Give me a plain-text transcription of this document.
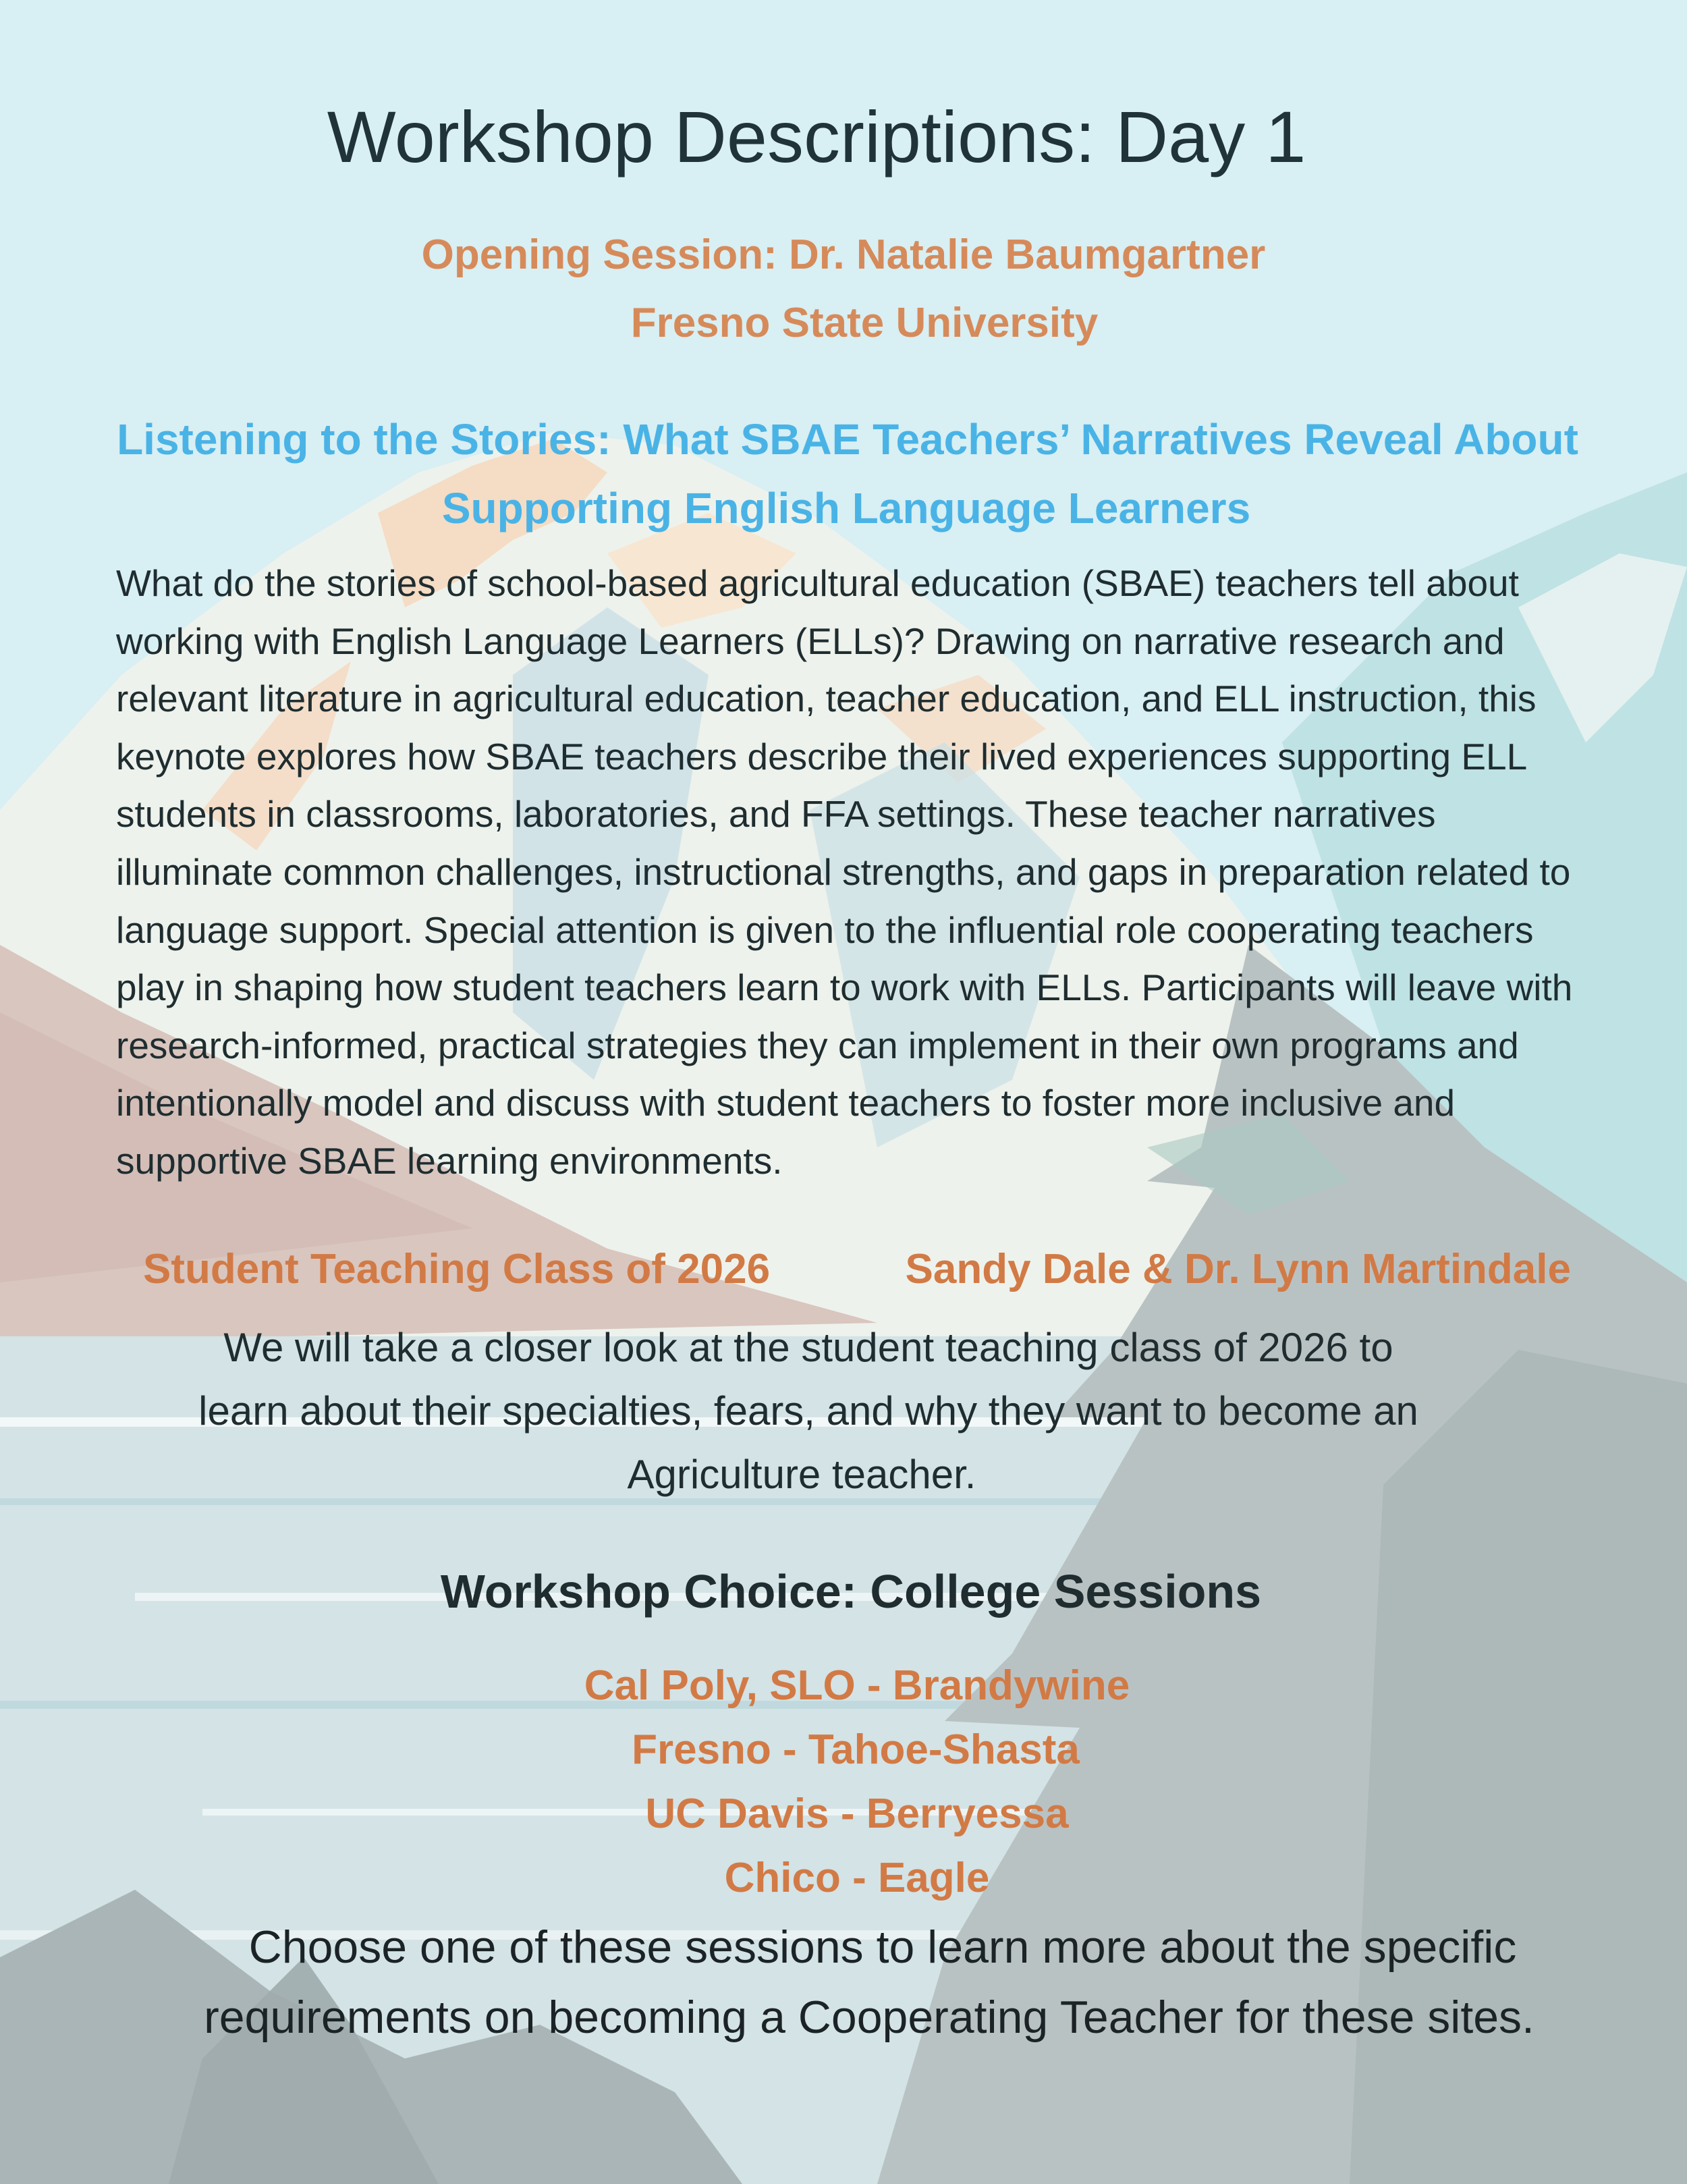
Workshop Descriptions: Day 1
Opening Session: Dr. Natalie Baumgartner
Fresno State University
Listening to the Stories: What SBAE Teachers’ Narratives Reveal About
Supporting English Language Learners
What do the stories of school-based agricultural education (SBAE) teachers tell about
working with English Language Learners (ELLs)? Drawing on narrative research and
relevant literature in agricultural education, teacher education, and ELL instruction, this
keynote explores how SBAE teachers describe their lived experiences supporting ELL
students in classrooms, laboratories, and FFA settings. These teacher narratives
illuminate common challenges, instructional strengths, and gaps in preparation related to
language support. Special attention is given to the influential role cooperating teachers
play in shaping how student teachers learn to work with ELLs. Participants will leave with
research-informed, practical strategies they can implement in their own programs and
intentionally model and discuss with student teachers to foster more inclusive and
supportive SBAE learning environments.
Student Teaching Class of 2026	Sandy Dale & Dr. Lynn Martindale
We will take a closer look at the student teaching class of 2026 to
learn about their specialties, fears, and why they want to become an
Agriculture teacher.
Workshop Choice: College Sessions
Cal Poly, SLO - Brandywine
Fresno - Tahoe-Shasta
UC Davis - Berryessa
Chico - Eagle
Choose one of these sessions to learn more about the specific
requirements on becoming a Cooperating Teacher for these sites.
